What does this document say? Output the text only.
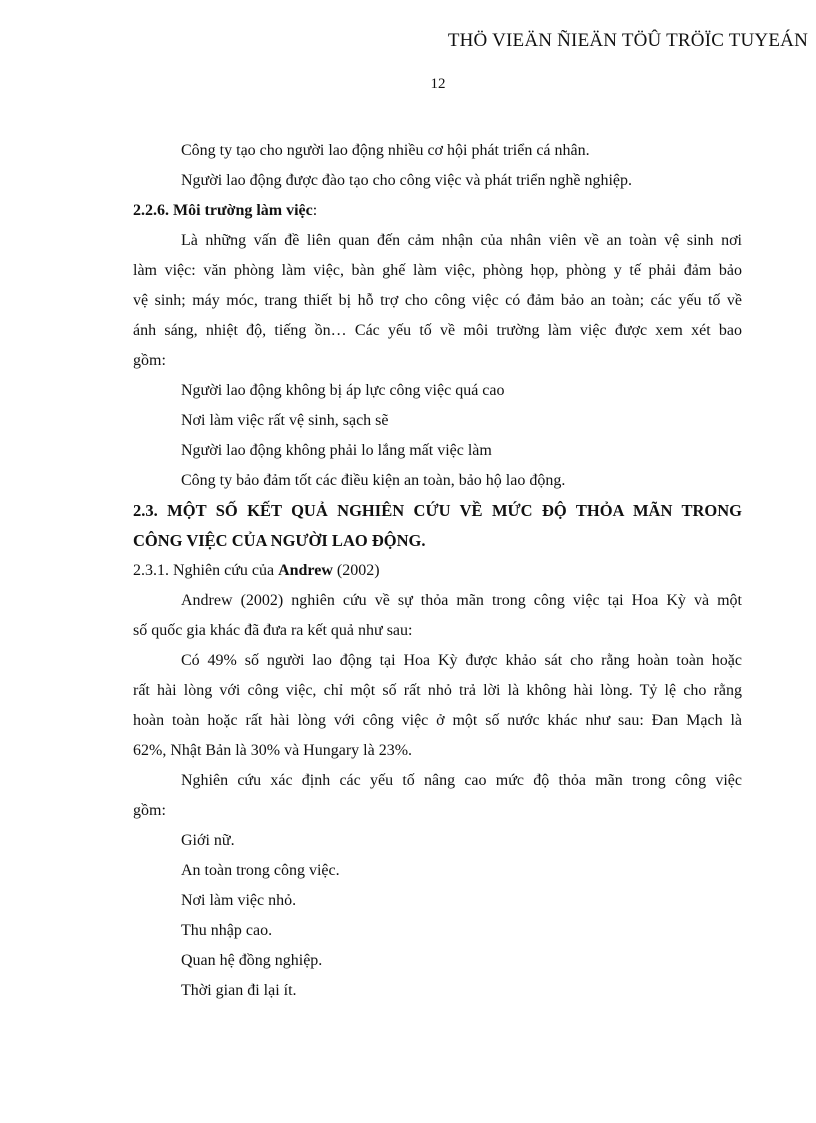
THÖ VIEÄN ÑIEÄN TÖÛ TRÖÏC TUYEÁN
12
Công ty tạo cho người lao động nhiều cơ hội phát triển cá nhân.
Người lao động được đào tạo cho công việc và phát triển nghề nghiệp.
2.2.6. Môi trường làm việc:
Là những vấn đề liên quan đến cảm nhận của nhân viên về an toàn vệ sinh nơi
làm việc: văn phòng làm việc, bàn ghế làm việc, phòng họp, phòng y tế phải đảm bảo
vệ sinh; máy móc, trang thiết bị hỗ trợ cho công việc có đảm bảo an toàn; các yếu tố về
ánh sáng, nhiệt độ, tiếng ồn… Các yếu tố về môi trường làm việc được xem xét bao
gồm:
Người lao động không bị áp lực công việc quá cao
Nơi làm việc rất vệ sinh, sạch sẽ
Người lao động không phải lo lắng mất việc làm
Công ty bảo đảm tốt các điều kiện an toàn, bảo hộ lao động.
2.3. MỘT SỐ KẾT QUẢ NGHIÊN CỨU VỀ MỨC ĐỘ THỎA MÃN TRONG
CÔNG VIỆC CỦA NGƯỜI LAO ĐỘNG.
2.3.1. Nghiên cứu của Andrew (2002)
Andrew (2002) nghiên cứu về sự thỏa mãn trong công việc tại Hoa Kỳ và một
số quốc gia khác đã đưa ra kết quả như sau:
Có 49% số người lao động tại Hoa Kỳ được khảo sát cho rằng hoàn toàn hoặc
rất hài lòng với công việc, chỉ một số rất nhỏ trả lời là không hài lòng. Tỷ lệ cho rằng
hoàn toàn hoặc rất hài lòng với công việc ở một số nước khác như sau: Đan Mạch là
62%, Nhật Bản là 30% và Hungary là 23%.
Nghiên cứu xác định các yếu tố nâng cao mức độ thỏa mãn trong công việc
gồm:
Giới nữ.
An toàn trong công việc.
Nơi làm việc nhỏ.
Thu nhập cao.
Quan hệ đồng nghiệp.
Thời gian đi lại ít.
